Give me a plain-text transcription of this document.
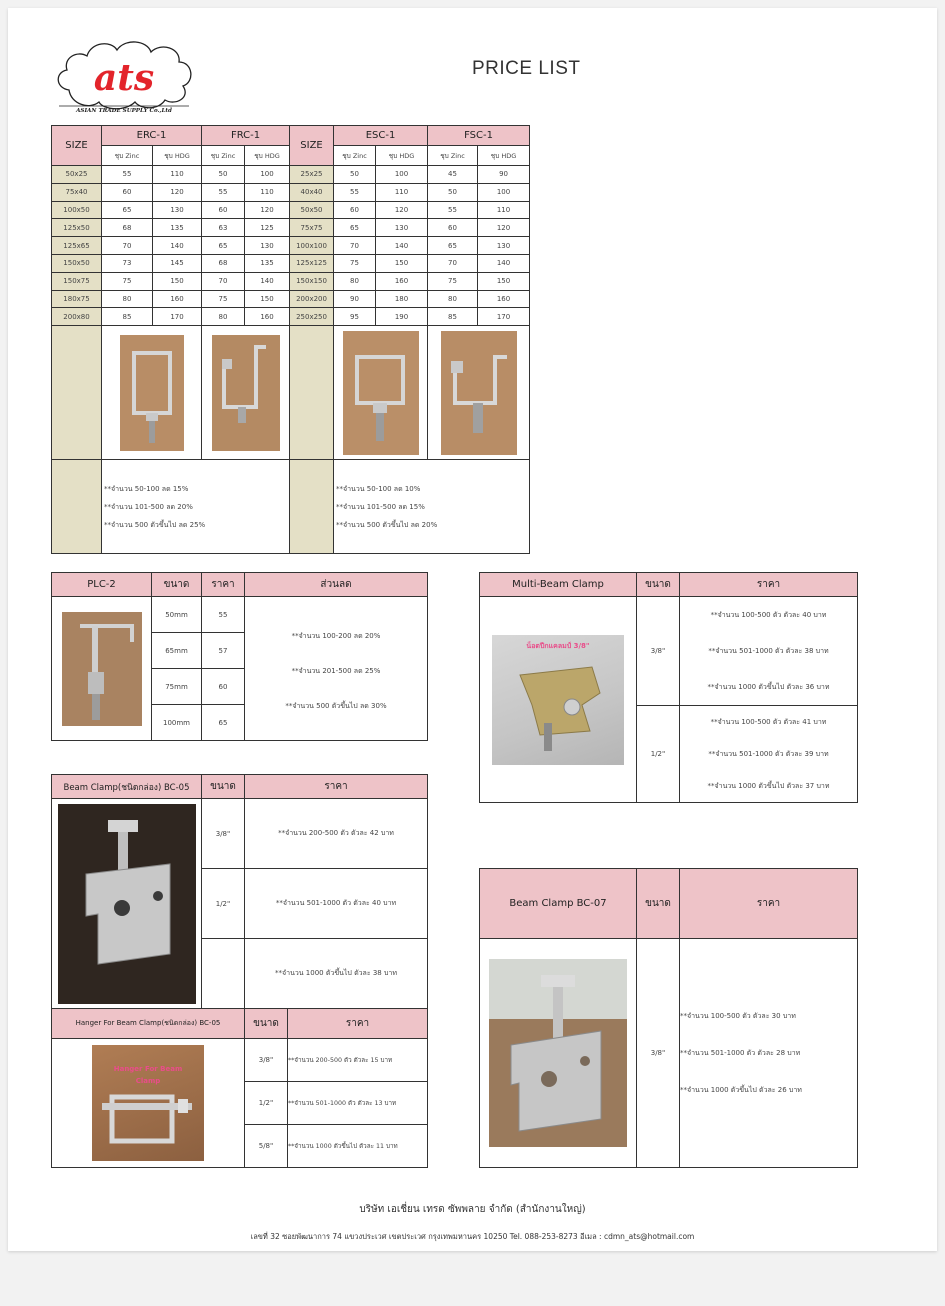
ats
ASIAN TRADE SUPPLY Co.,Ltd
PRICE LIST
SIZE	ERC-1		FRC-1		SIZE	ESC-1		FSC-1	
	ชุบ Zinc	ชุบ HDG	ชุบ Zinc	ชุบ HDG		ชุบ Zinc	ชุบ HDG	ชุบ Zinc	ชุบ HDG
50x25	55	110	50	100	25x25	50	100	45	90
75x40	60	120	55	110	40x40	55	110	50	100
100x50	65	130	60	120	50x50	60	120	55	110
125x50	68	135	63	125	75x75	65	130	60	120
125x65	70	140	65	130	100x100	70	140	65	130
150x50	73	145	68	135	125x125	75	150	70	140
150x75	75	150	70	140	150x150	80	160	75	150
180x75	80	160	75	150	200x200	90	180	80	160
200x80	85	170	80	160	250x250	95	190	85	170

	**จำนวน 50-100 ลด 15%
**จำนวน 101-500 ลด 20%
**จำนวน 500 ตัวขึ้นไป ลด 25%					**จำนวน 50-100 ลด 10%
**จำนวน 101-500 ลด 15%
**จำนวน 500 ตัวขึ้นไป ลด 20%			
PLC-2	ขนาด	ราคา	ส่วนลด

	50mm	55	**จำนวน 100-200 ลด 20%
**จำนวน 201-500 ลด 25%
**จำนวน 500 ตัวขึ้นไป ลด 30%

	65mm	57	
	75mm	60	
	100mm	65	
Multi-Beam Clamp	ขนาด	ราคา

น็อตปีกแคลมป์ 3/8"	3/8"	**จำนวน 100-500 ตัว ตัวละ 40 บาท
**จำนวน 501-1000 ตัว ตัวละ 38 บาท
**จำนวน 1000 ตัวขึ้นไป ตัวละ 36 บาท

	1/2"	**จำนวน 100-500 ตัว ตัวละ 41 บาท
**จำนวน 501-1000 ตัว ตัวละ 39 บาท
**จำนวน 1000 ตัวขึ้นไป ตัวละ 37 บาท
Beam Clamp(ชนิดกล่อง) BC-05	ขนาด	ราคา

	3/8"	**จำนวน 200-500 ตัว ตัวละ 42 บาท
	1/2"	**จำนวน 501-1000 ตัว ตัวละ 40 บาท
		**จำนวน 1000 ตัวขึ้นไป ตัวละ 38 บาท
Hanger For Beam Clamp(ชนิดกล่อง) BC-05	ขนาด	ราคา

Hanger For Beam Clamp	3/8"	**จำนวน 200-500 ตัว ตัวละ 15 บาท
	1/2"	**จำนวน 501-1000 ตัว ตัวละ 13 บาท
	5/8"	**จำนวน 1000 ตัวขึ้นไป ตัวละ 11 บาท
Beam Clamp BC-07	ขนาด	ราคา

	3/8"	**จำนวน 100-500 ตัว ตัวละ 30 บาท
**จำนวน 501-1000 ตัว ตัวละ 28 บาท
**จำนวน 1000 ตัวขึ้นไป ตัวละ 26 บาท
บริษัท เอเชี่ยน เทรด ซัพพลาย จำกัด (สำนักงานใหญ่)
เลขที่ 32 ซอยพัฒนาการ 74 แขวงประเวศ เขตประเวศ กรุงเทพมหานคร 10250 Tel. 088-253-8273 อีเมล : cdmn_ats@hotmail.com
